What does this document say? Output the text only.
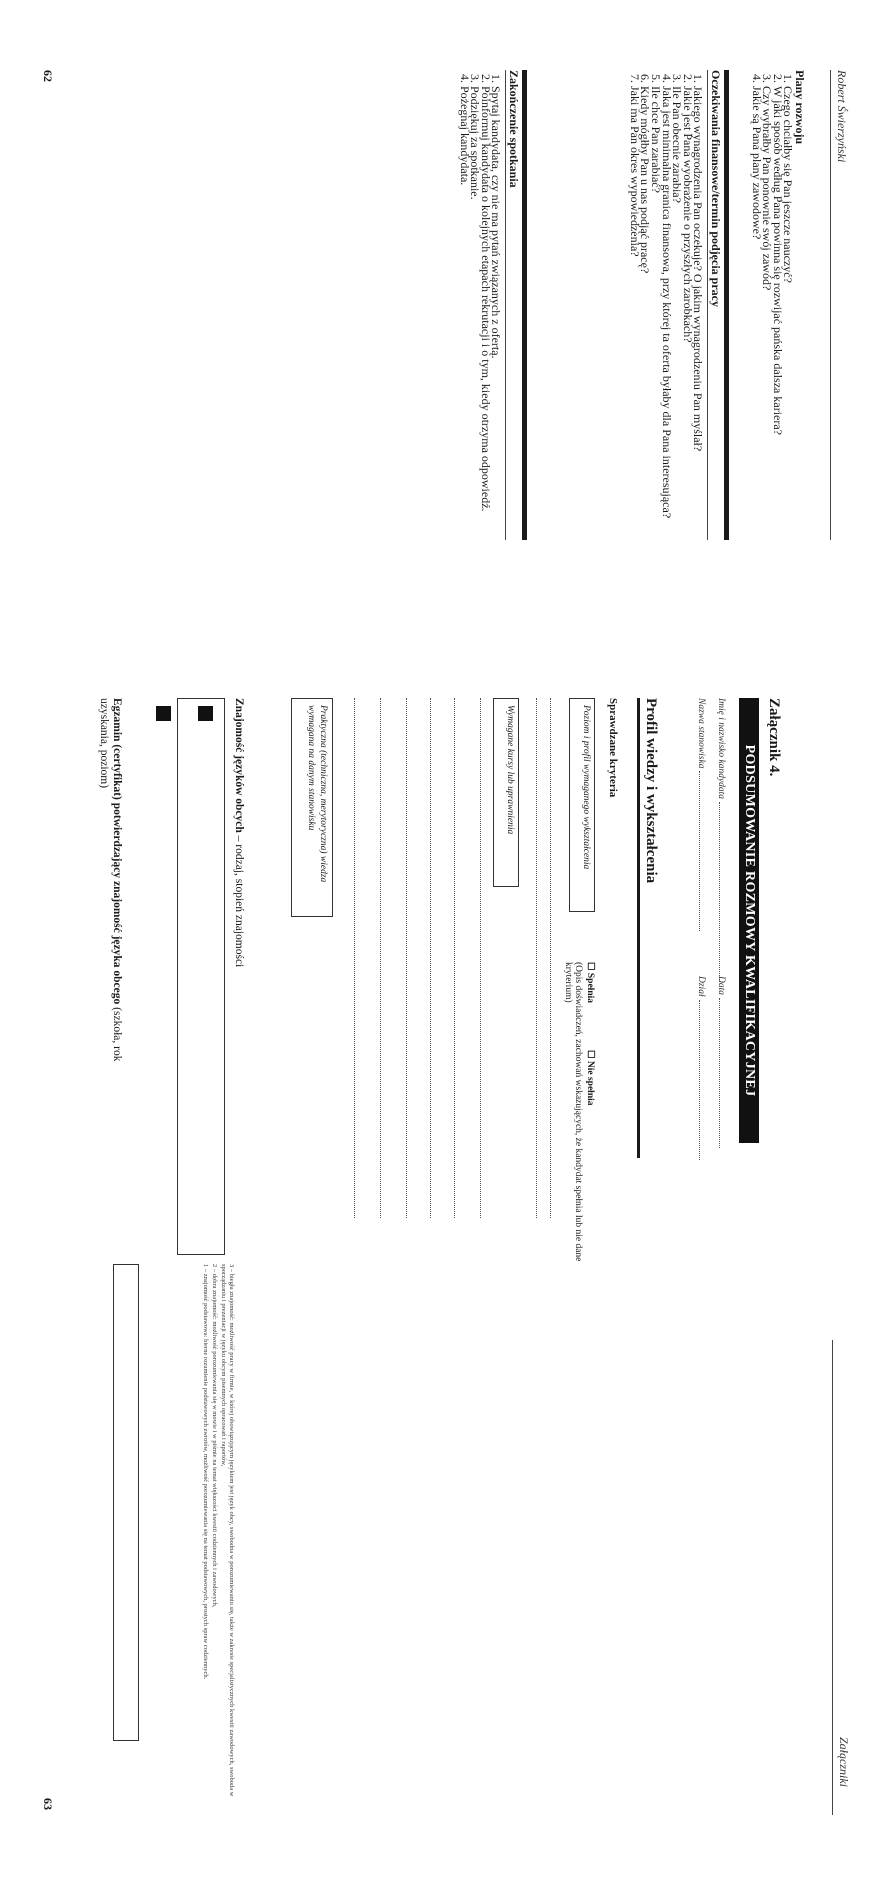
Robert Świerzyński
Plany rozwoju
1. Czego chciałby się Pan jeszcze nauczyć?
2. W jaki sposób według Pana powinna się rozwijać pańska dalsza kariera?
3. Czy wybrałby Pan ponownie swój zawód?
4. Jakie są Pana plany zawodowe?
Oczekiwania finansowe/termin podjęcia pracy
1. Jakiego wynagrodzenia Pan oczekuje? O jakim wynagrodzeniu Pan myślał?
2. Jakie jest Pana wyobrażenie o przyszłych zarobkach?
3. Ile Pan obecnie zarabia?
4. Jaka jest minimalna granica finansowa, przy której ta oferta byłaby dla Pana interesująca?
5. Ile chce Pan zarabiać?
6. Kiedy mógłby Pan u nas podjąć pracę?
7. Jaki ma Pan okres wypowiedzenia?
Zakończenie spotkania
1. Spytaj kandydata, czy nie ma pytań związanych z ofertą.
2. Poinformuj kandydata o kolejnych etapach rekrutacji i o tym, kiedy otrzyma odpowiedź.
3. Podziękuj za spotkanie.
4. Pożegnaj kandydata.
62
Załączniki
Załącznik 4.
PODSUMOWANIE ROZMOWY KWALIFIKACYJNEJ
Imię i nazwisko kandydata
Data
Nazwa stanowiska
Dział
Profil wiedzy i wykształcenia
Sprawdzane kryteria
Poziom i profil wymaganego wykształcenia
Wymagane kursy lub uprawnienia
Praktyczna (techniczna, merytoryczna) wiedza wymagana na danym stanowisku
☐ Spełnia
☐ Nie spełnia
(Opis doświadczeń, zachowań wskazujących, że kandydat spełnia lub nie dane kryterium)
Znajomość języków obcych – rodzaj, stopień znajomości
3 – biegła znajomość: możliwość pracy w firmie, w której obowiązującym językiem jest język obcy, swobodna w porozumiewaniu się, także w zakresie specjalistycznych kwestii zawodowych, swoboda w sporządzaniu i prezentacji w języku obcym pisemnych opracowań i raportów,
2 – dobra znajomość: możliwość porozumiewania się w mowie i w piśmie na temat większości kwestii codziennych i zawodowych,
1 – znajomość podstawowa: bierne rozumienie podstawowych zwrotów, możliwość porozumiewania się na temat podstawowych, prostych spraw codziennych.
Egzamin (certyfikat) potwierdzający znajomość języka obcego (szkoła, rok uzyskania, poziom)
63
